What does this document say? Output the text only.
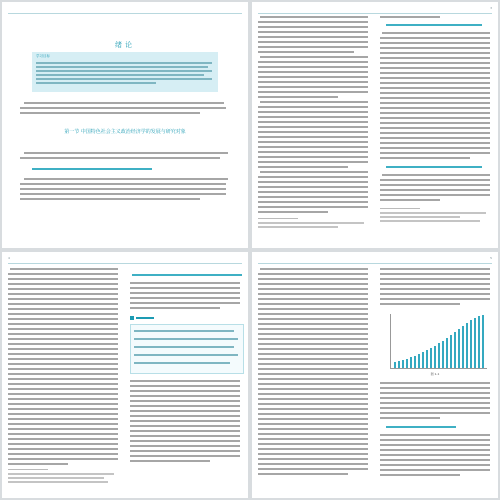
绪论
学习目标
第一节 中国特色社会主义政治经济学的发展与研究对象
3
4	5
图 1-1
